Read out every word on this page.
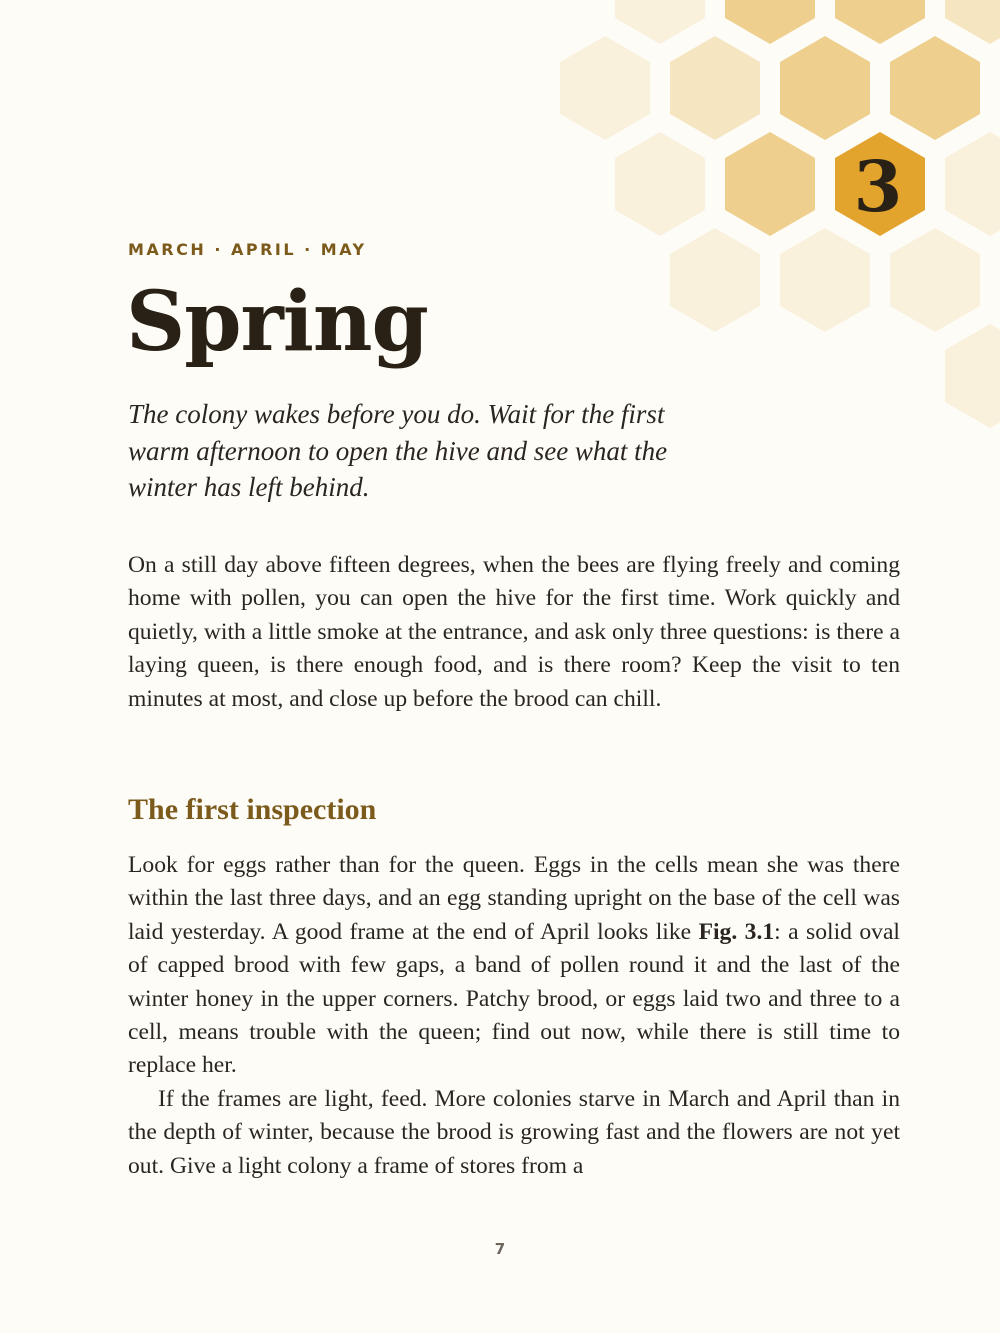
3
MARCH · APRIL · MAY
Spring

The colony wakes before you do. Wait for the first warm afternoon to open the hive and see what the winter has left behind.

On a still day above fifteen degrees, when the bees are flying freely and coming home with pollen, you can open the hive for the first time. Work quickly and quietly, with a little smoke at the entrance, and ask only three questions: is there a laying queen, is there enough food, and is there room? Keep the visit to ten minutes at most, and close up before the brood can chill.

The first inspection

Look for eggs rather than for the queen. Eggs in the cells mean she was there within the last three days, and an egg standing upright on the base of the cell was laid yesterday. A good frame at the end of April looks like Fig. 3.1: a solid oval of capped brood with few gaps, a band of pollen round it and the last of the winter honey in the upper corners. Patchy brood, or eggs laid two and three to a cell, means trouble with the queen; find out now, while there is still time to replace her.

If the frames are light, feed. More colonies starve in March and April than in the depth of winter, because the brood is growing fast and the flowers are not yet out. Give a light colony a frame of stores from a

7
